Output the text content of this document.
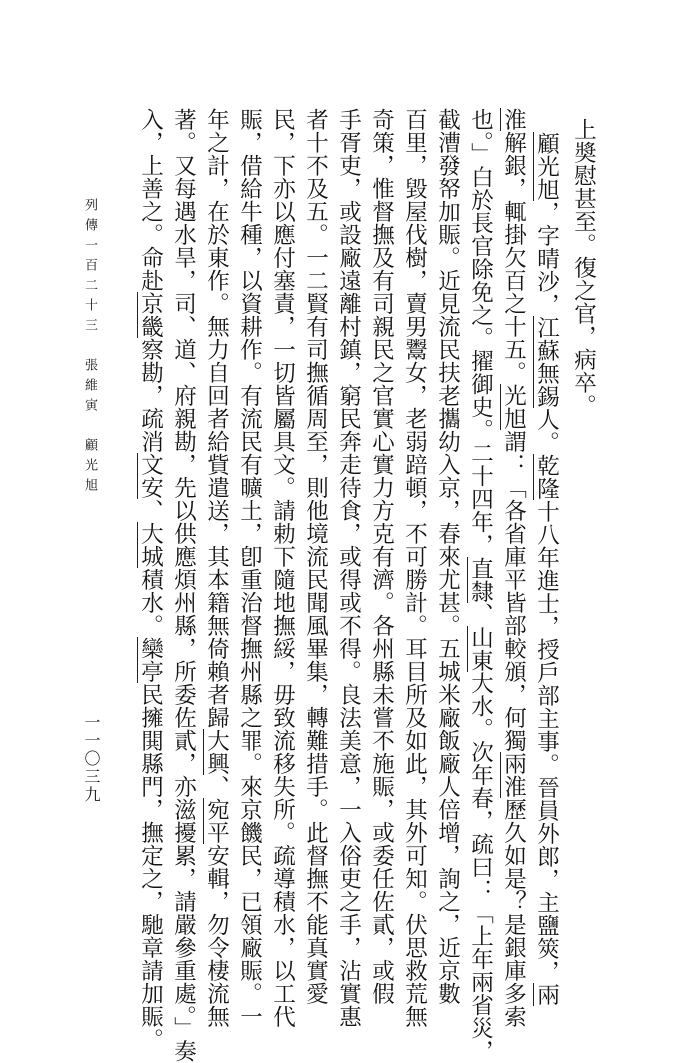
上奬慰甚至。復之官，病卒。
顧光旭，字晴沙，江蘇無錫人。乾隆十八年進士，授戶部主事。晉員外郎，主鹽筴，兩
淮解銀，輒掛欠百之十五。光旭謂：「各省庫平皆部較頒，何獨兩淮歷久如是？是銀庫多索
也。」白於長官除免之。擢御史。二十四年，直隸、山東大水。次年春，疏曰：「上年兩省災，
截漕發帑加賑。近見流民扶老攜幼入京，春來尤甚。五城米廠飯廠人倍增，詢之，近京數
百里，毀屋伐樹，賣男鬻女，老弱踣頓，不可勝計。耳目所及如此，其外可知。伏思救荒無
奇策，惟督撫及有司親民之官實心實力方克有濟。各州縣未嘗不施賑，或委任佐貳，或假
手胥吏，或設廠遠離村鎮，窮民奔走待食，或得或不得。良法美意，一入俗吏之手，沾實惠
者十不及五。一二賢有司撫循周至，則他境流民聞風畢集，轉難措手。此督撫不能真實愛
民，下亦以應付塞責，一切皆屬具文。請勅下隨地撫綏，毋致流移失所。疏導積水，以工代
賑，借給牛種，以資耕作。有流民有曠土，卽重治督撫州縣之罪。來京饑民，已領廠賑。一
年之計，在於東作。無力自回者給貲遣送，其本籍無倚賴者歸大興、宛平安輯，勿令棲流無
著。又每遇水旱，司、道、府親勘，先以供應煩州縣，所委佐貳，亦滋擾累，請嚴參重處。」奏
入，上善之。命赴京畿察勘，疏消文安、大城積水。欒亭民擁閧縣門，撫定之，馳章請加賑。
列傳一百二十三　張維寅　顧光旭
一一〇三九
